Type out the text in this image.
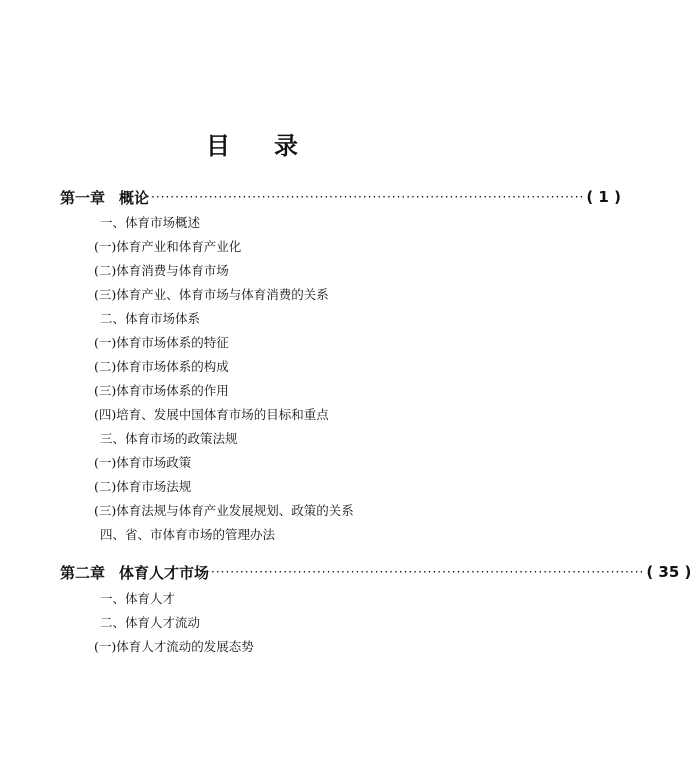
目 录
第一章 概论 ·························································································· ( 1 )
一、体育市场概述
(一)体育产业和体育产业化
(二)体育消费与体育市场
(三)体育产业、体育市场与体育消费的关系
二、体育市场体系
(一)体育市场体系的特征
(二)体育市场体系的构成
(三)体育市场体系的作用
(四)培育、发展中国体育市场的目标和重点
三、体育市场的政策法规
(一)体育市场政策
(二)体育市场法规
(三)体育法规与体育产业发展规划、政策的关系
四、省、市体育市场的管理办法
第二章 体育人才市场 ·························································································· ( 35 )
一、体育人才
二、体育人才流动
(一)体育人才流动的发展态势
